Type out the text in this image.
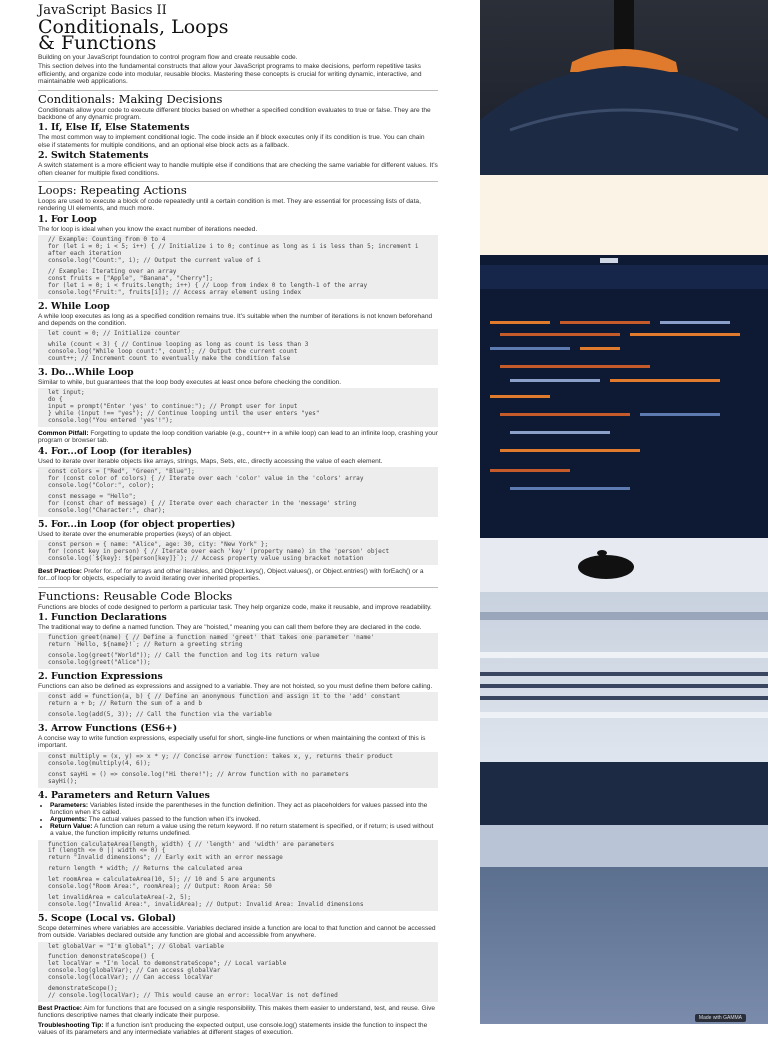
JavaScript Basics II
Conditionals, Loops
& Functions

Building on your JavaScript foundation to control program flow and create reusable code.

This section delves into the fundamental constructs that allow your JavaScript programs to make decisions, perform repetitive tasks efficiently, and organize code into modular, reusable blocks. Mastering these concepts is crucial for writing dynamic, interactive, and maintainable web applications.

Conditionals: Making Decisions

Conditionals allow your code to execute different blocks based on whether a specified condition evaluates to true or false. They are the backbone of any dynamic program.

1. If, Else If, Else Statements

The most common way to implement conditional logic. The code inside an if block executes only if its condition is true. You can chain else if statements for multiple conditions, and an optional else block acts as a fallback.

2. Switch Statements

A switch statement is a more efficient way to handle multiple else if conditions that are checking the same variable for different values. It's often cleaner for multiple fixed conditions.

Loops: Repeating Actions

Loops are used to execute a block of code repeatedly until a certain condition is met. They are essential for processing lists of data, rendering UI elements, and much more.

1. For Loop

The for loop is ideal when you know the exact number of iterations needed.

// Example: Counting from 0 to 4
for (let i = 0; i < 5; i++) { // Initialize i to 0; continue as long as i is less than 5; increment i after each iteration
console.log("Count:", i); // Output the current value of i
// Example: Iterating over an array
const fruits = ["Apple", "Banana", "Cherry"];
for (let i = 0; i < fruits.length; i++) { // Loop from index 0 to length-1 of the array
console.log("Fruit:", fruits[i]); // Access array element using index
2. While Loop

A while loop executes as long as a specified condition remains true. It's suitable when the number of iterations is not known beforehand and depends on the condition.

let count = 0; // Initialize counter
while (count < 3) { // Continue looping as long as count is less than 3
console.log("While loop count:", count); // Output the current count
count++; // Increment count to eventually make the condition false
3. Do...While Loop

Similar to while, but guarantees that the loop body executes at least once before checking the condition.

let input;
do {
input = prompt("Enter 'yes' to continue:"); // Prompt user for input
} while (input !== "yes"); // Continue looping until the user enters "yes"
console.log("You entered 'yes'!");

Common Pitfall: Forgetting to update the loop condition variable (e.g., count++ in a while loop) can lead to an infinite loop, crashing your program or browser tab.

4. For...of Loop (for iterables)

Used to iterate over iterable objects like arrays, strings, Maps, Sets, etc., directly accessing the value of each element.

const colors = ["Red", "Green", "Blue"];
for (const color of colors) { // Iterate over each 'color' value in the 'colors' array
console.log("Color:", color);
const message = "Hello";
for (const char of message) { // Iterate over each character in the 'message' string
console.log("Character:", char);
5. For...in Loop (for object properties)

Used to iterate over the enumerable properties (keys) of an object.

const person = { name: "Alice", age: 30, city: "New York" };
for (const key in person) { // Iterate over each 'key' (property name) in the 'person' object
console.log(`${key}: ${person[key]}`); // Access property value using bracket notation

Best Practice: Prefer for...of for arrays and other iterables, and Object.keys(), Object.values(), or Object.entries() with forEach() or a for...of loop for objects, especially to avoid iterating over inherited properties.

Functions: Reusable Code Blocks

Functions are blocks of code designed to perform a particular task. They help organize code, make it reusable, and improve readability.

1. Function Declarations

The traditional way to define a named function. They are "hoisted," meaning you can call them before they are declared in the code.

function greet(name) { // Define a function named 'greet' that takes one parameter 'name'
return `Hello, ${name}!`; // Return a greeting string
console.log(greet("World")); // Call the function and log its return value
console.log(greet("Alice"));
2. Function Expressions

Functions can also be defined as expressions and assigned to a variable. They are not hoisted, so you must define them before calling.

const add = function(a, b) { // Define an anonymous function and assign it to the 'add' constant
return a + b; // Return the sum of a and b
console.log(add(5, 3)); // Call the function via the variable
3. Arrow Functions (ES6+)

A concise way to write function expressions, especially useful for short, single-line functions or when maintaining the context of this is important.

const multiply = (x, y) => x * y; // Concise arrow function: takes x, y, returns their product
console.log(multiply(4, 6));
const sayHi = () => console.log("Hi there!"); // Arrow function with no parameters
sayHi();
4. Parameters and Return Values
• Parameters: Variables listed inside the parentheses in the function definition. They act as placeholders for values passed into the function when it's called.
• Arguments: The actual values passed to the function when it's invoked.
• Return Value: A function can return a value using the return keyword. If no return statement is specified, or if return; is used without a value, the function implicitly returns undefined.
function calculateArea(length, width) { // 'length' and 'width' are parameters
if (length <= 0 || width <= 0) {
return "Invalid dimensions"; // Early exit with an error message
return length * width; // Returns the calculated area
let roomArea = calculateArea(10, 5); // 10 and 5 are arguments
console.log("Room Area:", roomArea); // Output: Room Area: 50
let invalidArea = calculateArea(-2, 5);
console.log("Invalid Area:", invalidArea); // Output: Invalid Area: Invalid dimensions
5. Scope (Local vs. Global)

Scope determines where variables are accessible. Variables declared inside a function are local to that function and cannot be accessed from outside. Variables declared outside any function are global and accessible from anywhere.

let globalVar = "I'm global"; // Global variable
function demonstrateScope() {
let localVar = "I'm local to demonstrateScope"; // Local variable
console.log(globalVar); // Can access globalVar
console.log(localVar); // Can access localVar
demonstrateScope();
// console.log(localVar); // This would cause an error: localVar is not defined

Best Practice: Aim for functions that are focused on a single responsibility. This makes them easier to understand, test, and reuse. Give functions descriptive names that clearly indicate their purpose.

Troubleshooting Tip: If a function isn't producing the expected output, use console.log() statements inside the function to inspect the values of its parameters and any intermediate variables at different stages of execution.

Made with GAMMA
